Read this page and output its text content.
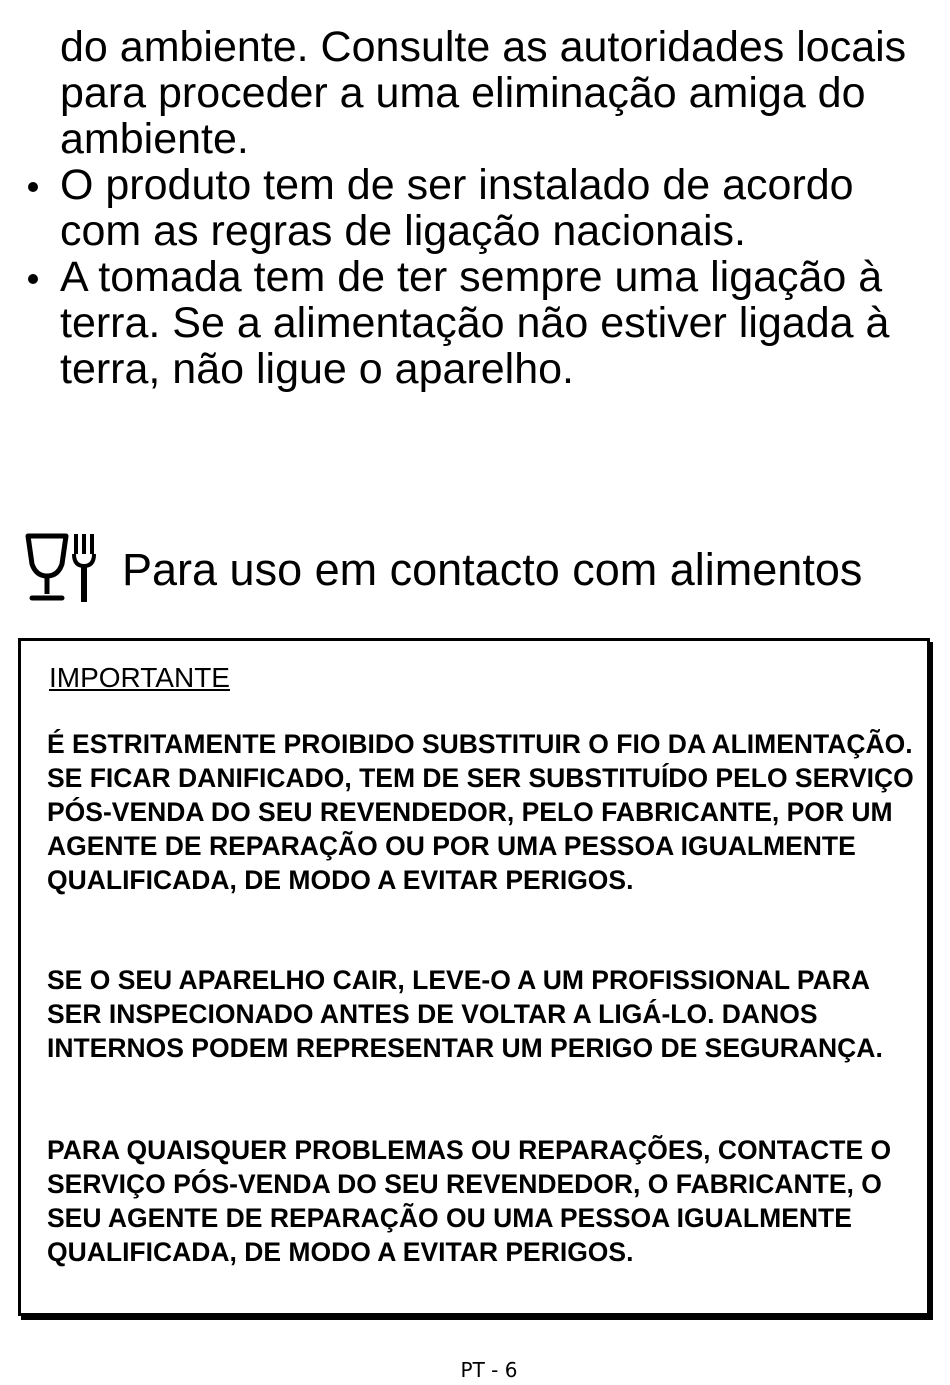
do ambiente. Consulte as autoridades locais para proceder a uma eliminação amiga do ambiente.

O produto tem de ser instalado de acordo com as regras de ligação nacionais.
A tomada tem de ter sempre uma ligação à terra. Se a alimentação não estiver ligada à terra, não ligue o aparelho.
Para uso em contacto com alimentos
IMPORTANTE

É ESTRITAMENTE PROIBIDO SUBSTITUIR O FIO DA ALIMENTAÇÃO. SE FICAR DANIFICADO, TEM DE SER SUBSTITUÍDO PELO SERVIÇO PÓS-VENDA DO SEU REVENDEDOR, PELO FABRICANTE, POR UM AGENTE DE REPARAÇÃO OU POR UMA PESSOA IGUALMENTE QUALIFICADA, DE MODO A EVITAR PERIGOS.

SE O SEU APARELHO CAIR, LEVE-O A UM PROFISSIONAL PARA SER INSPECIONADO ANTES DE VOLTAR A LIGÁ-LO. DANOS INTERNOS PODEM REPRESENTAR UM PERIGO DE SEGURANÇA.

PARA QUAISQUER PROBLEMAS OU REPARAÇÕES, CONTACTE O SERVIÇO PÓS-VENDA DO SEU REVENDEDOR, O FABRICANTE, O SEU AGENTE DE REPARAÇÃO OU UMA PESSOA IGUALMENTE QUALIFICADA, DE MODO A EVITAR PERIGOS.

PT - 6
